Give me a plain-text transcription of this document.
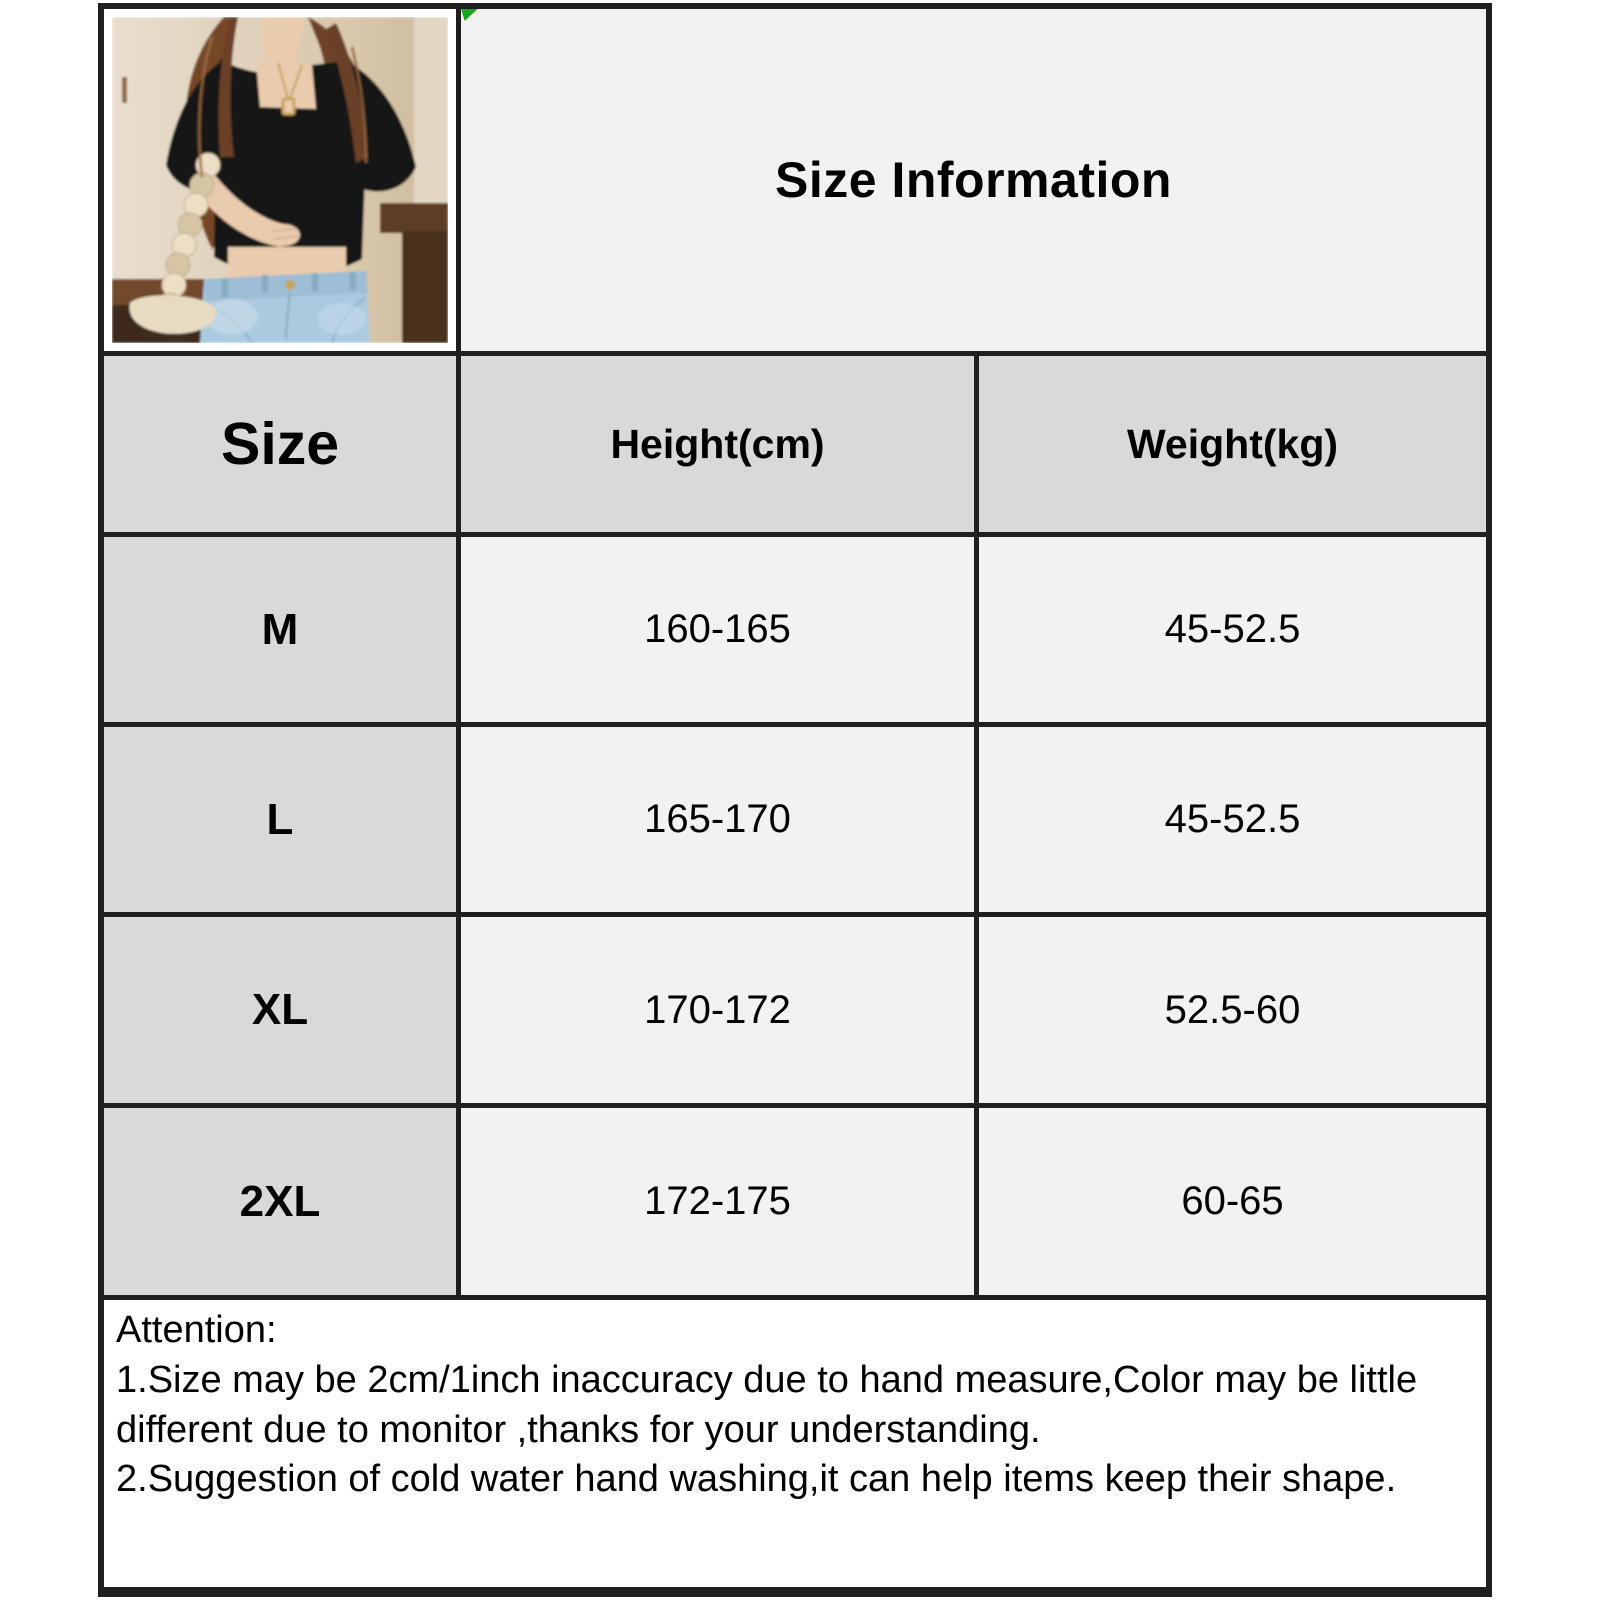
Size Information
Size	Height(cm)	Weight(kg)
M	160-165	45-52.5
L	165-170	45-52.5
XL	170-172	52.5-60
2XL	172-175	60-65

Attention:

1.Size may be 2cm/1inch inaccuracy due to hand measure,Color may be little different due to monitor ,thanks for your understanding.

2.Suggestion of cold water hand washing,it can help items keep their shape.
